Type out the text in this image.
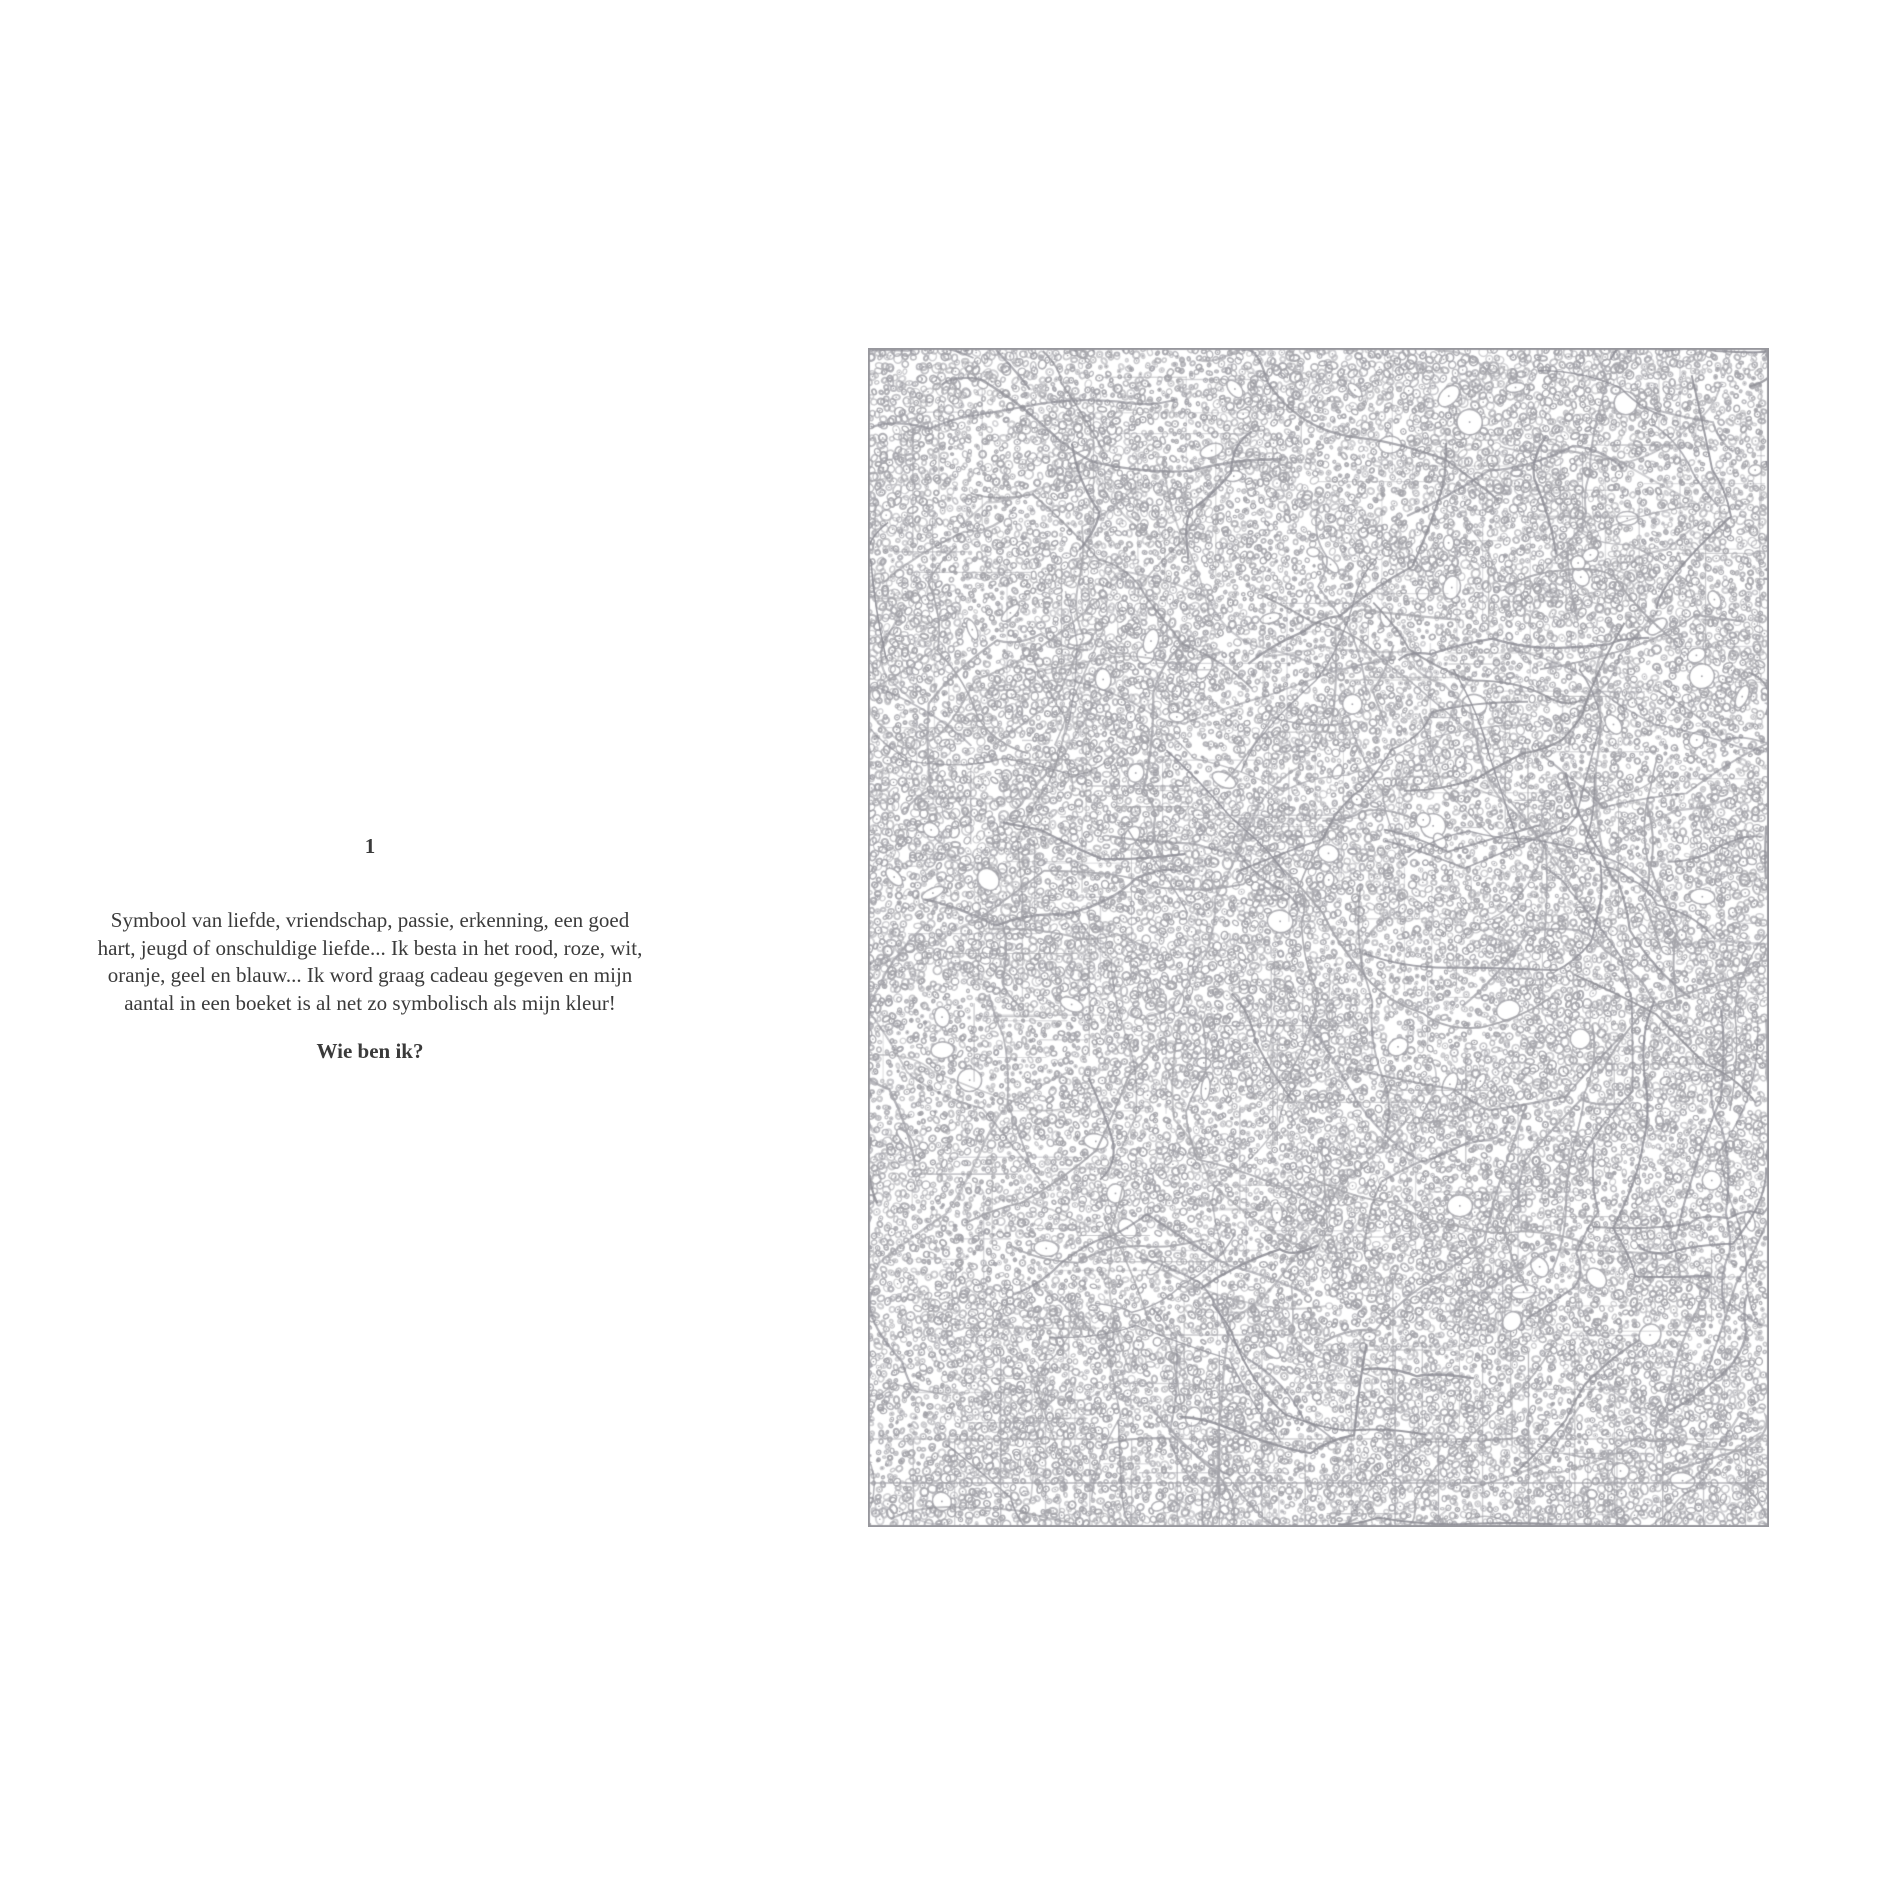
1

Symbool van liefde, vriendschap, passie, erkenning, een goed hart, jeugd of onschuldige liefde... Ik besta in het rood, roze, wit, oranje, geel en blauw... Ik word graag cadeau gegeven en mijn aantal in een boeket is al net zo symbolisch als mijn kleur!

Wie ben ik?
